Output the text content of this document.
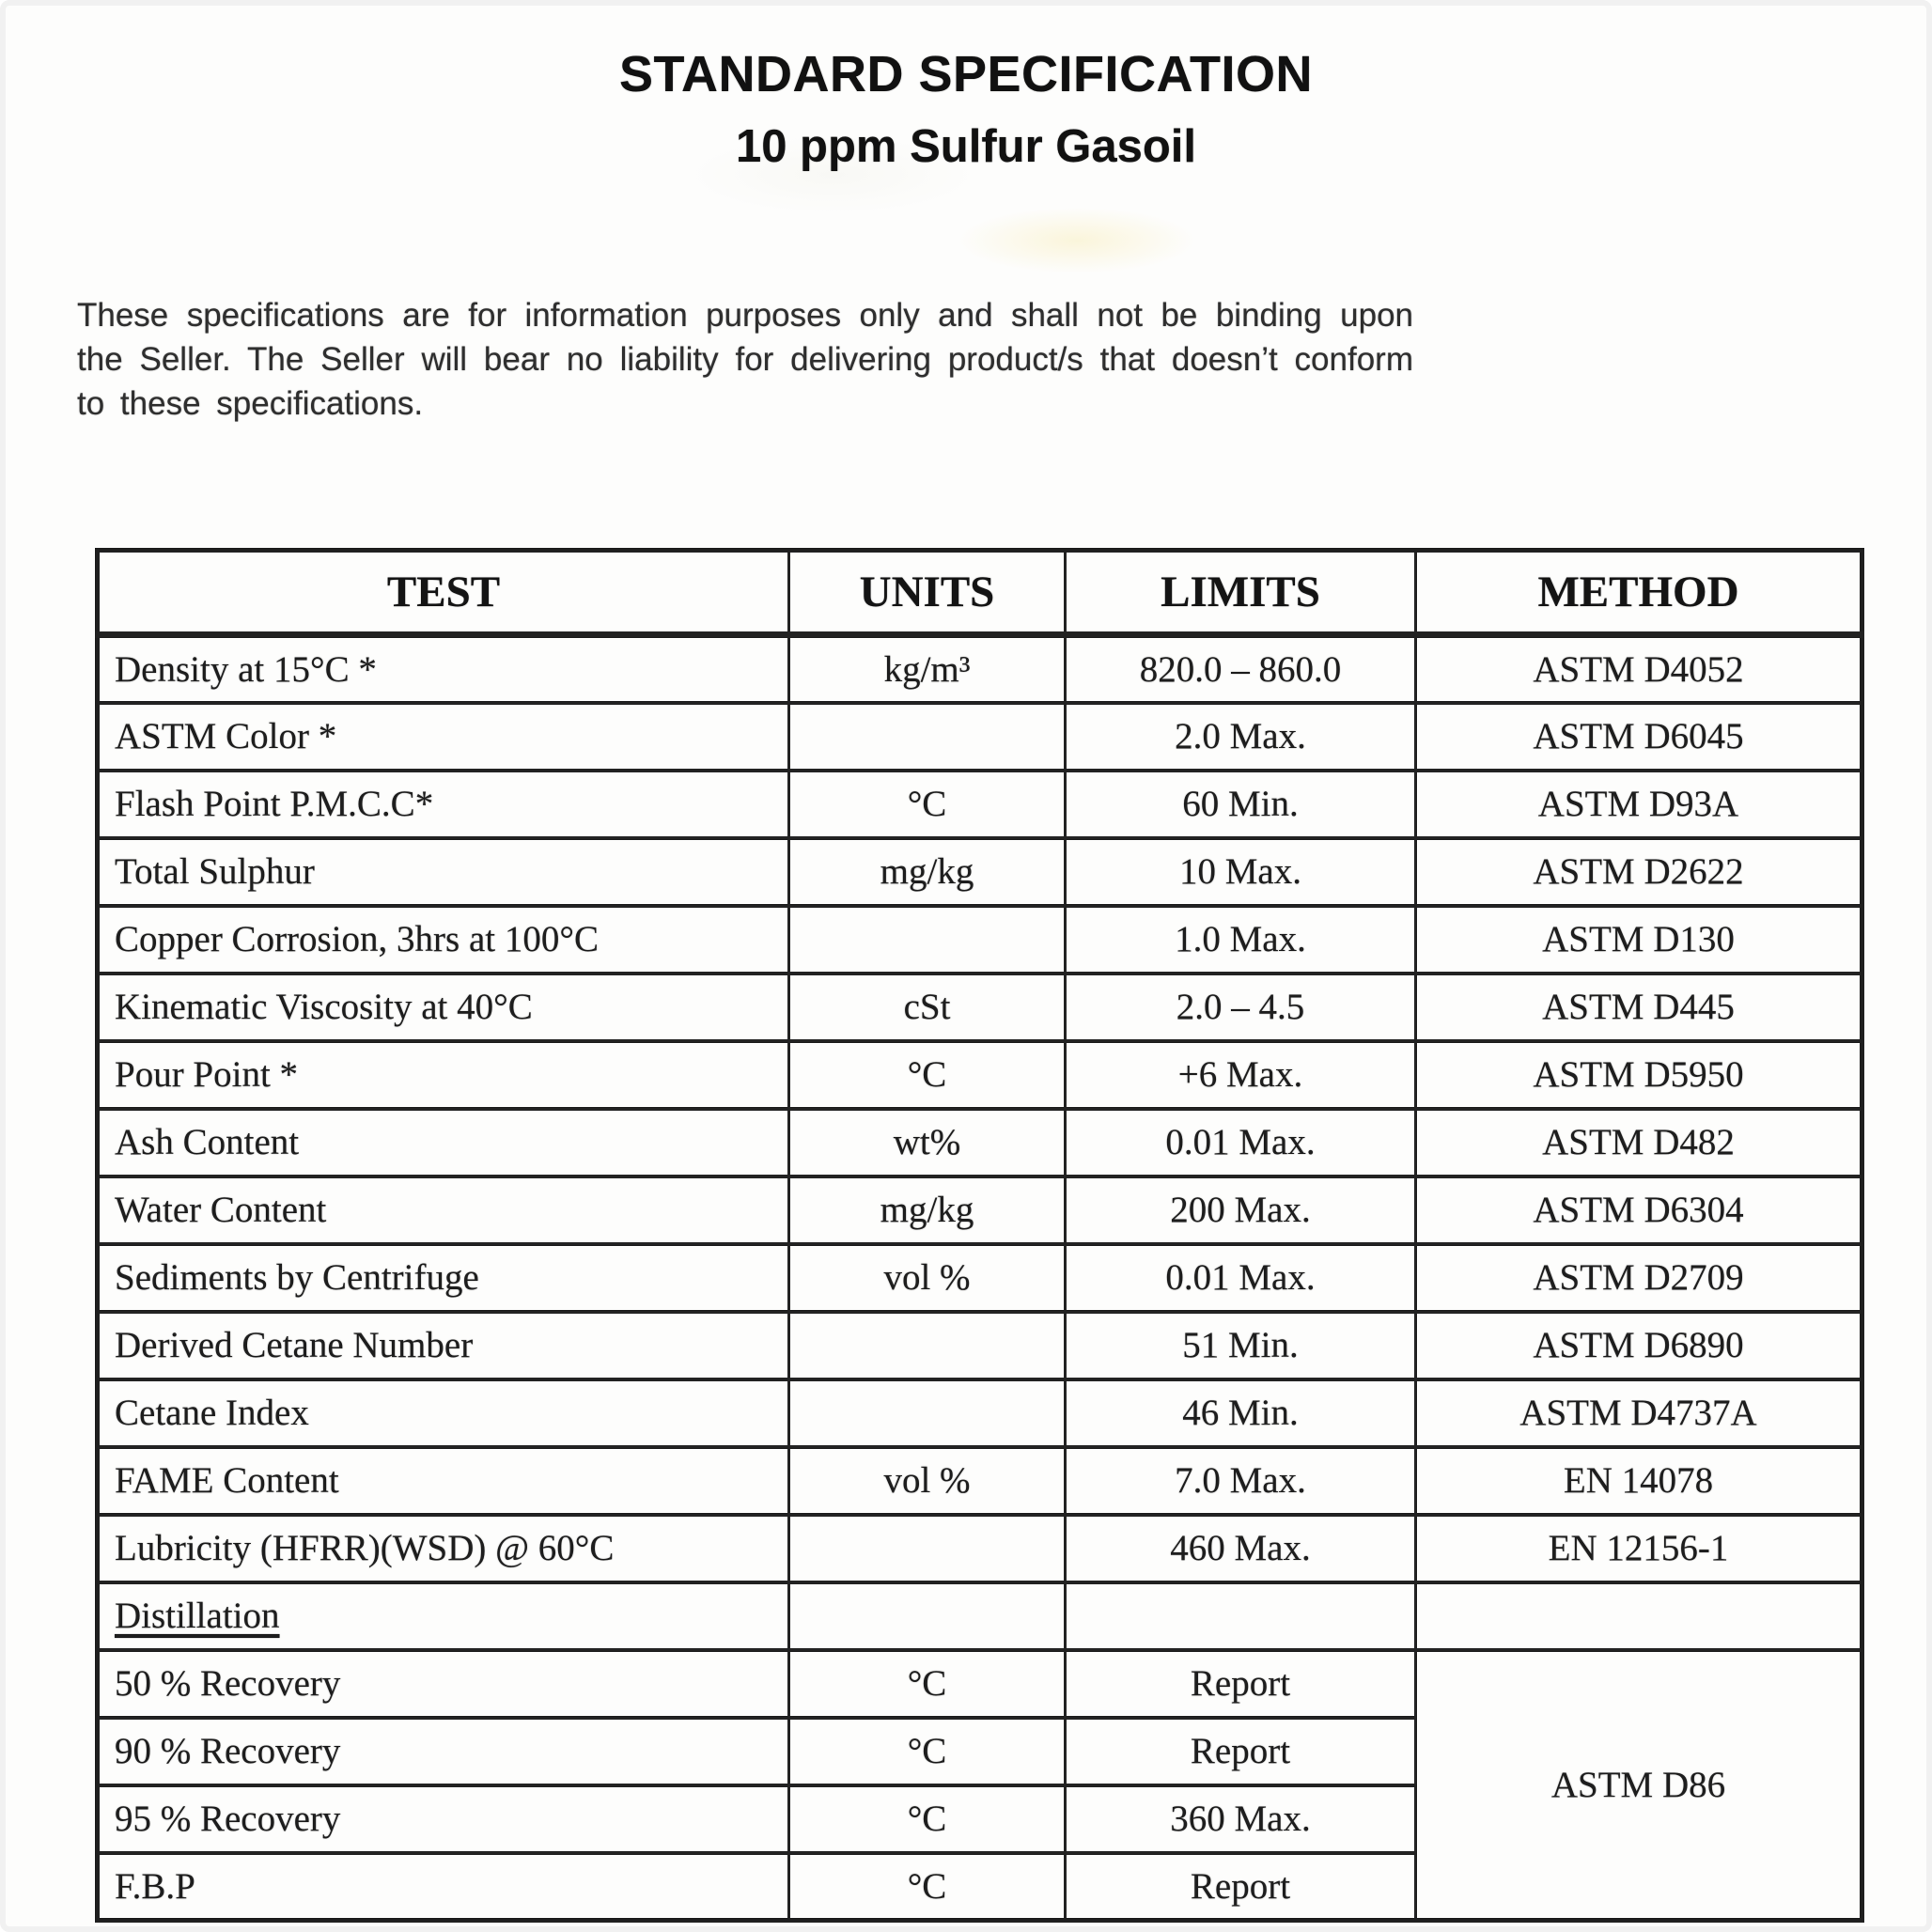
STANDARD SPECIFICATION
10 ppm Sulfur Gasoil

These specifications are for information purposes only and shall not be binding upon the Seller. The Seller will bear no liability for delivering product/s that doesn’t conform to these specifications.

TEST	UNITS	LIMITS	METHOD
Density at 15°C *	kg/m³	820.0 – 860.0	ASTM D4052
ASTM Color *		2.0 Max.	ASTM D6045
Flash Point P.M.C.C*	°C	60 Min.	ASTM D93A
Total Sulphur	mg/kg	10 Max.	ASTM D2622
Copper Corrosion, 3hrs at 100°C		1.0 Max.	ASTM D130
Kinematic Viscosity at 40°C	cSt	2.0 – 4.5	ASTM D445
Pour Point *	°C	+6 Max.	ASTM D5950
Ash Content	wt%	0.01 Max.	ASTM D482
Water Content	mg/kg	200 Max.	ASTM D6304
Sediments by Centrifuge	vol %	0.01 Max.	ASTM D2709
Derived Cetane Number		51 Min.	ASTM D6890
Cetane Index		46 Min.	ASTM D4737A
FAME Content	vol %	7.0 Max.	EN 14078
Lubricity (HFRR)(WSD) @ 60°C		460 Max.	EN 12156-1
Distillation			
50 % Recovery	°C	Report	ASTM D86
90 % Recovery	°C	Report	
95 % Recovery	°C	360 Max.	
F.B.P	°C	Report	
